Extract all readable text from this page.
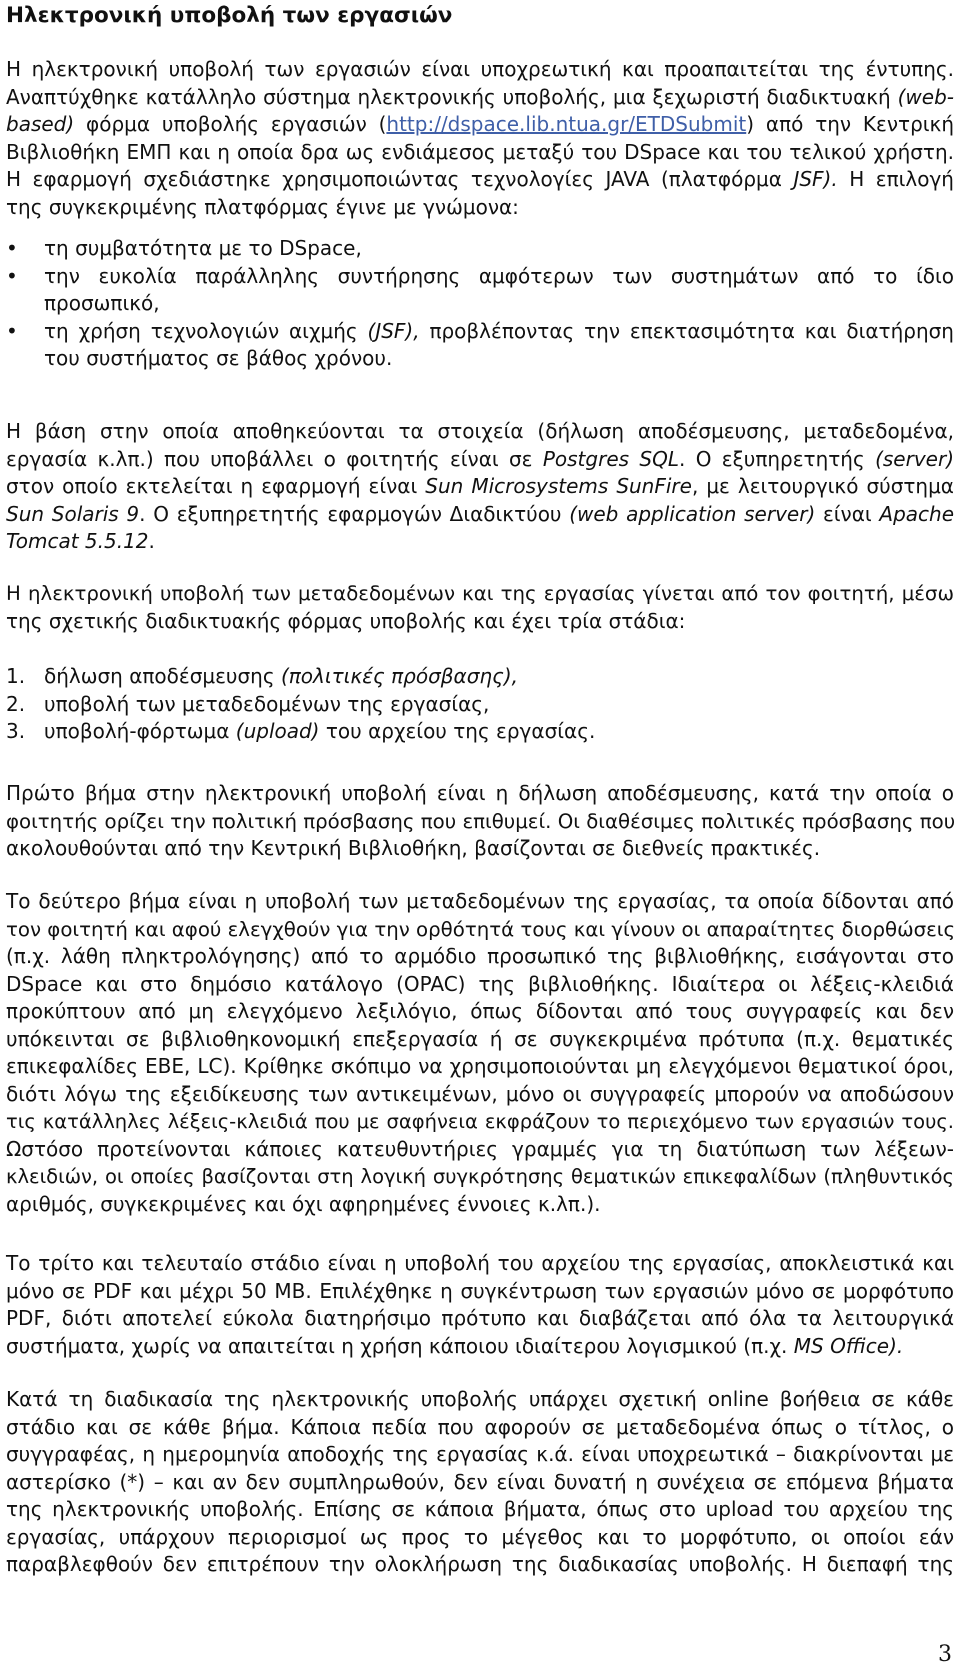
Ηλεκτρονική υποβολή των εργασιών
Η ηλεκτρονική υποβολή των εργασιών είναι υποχρεωτική και προαπαιτείται της έντυπης.
Αναπτύχθηκε κατάλληλο σύστημα ηλεκτρονικής υποβολής, μια ξεχωριστή διαδικτυακή (web-
based) φόρμα υποβολής εργασιών (http://dspace.lib.ntua.gr/ETDSubmit) από την Κεντρική
Βιβλιοθήκη ΕΜΠ και η οποία δρα ως ενδιάμεσος μεταξύ του DSpace και του τελικού χρήστη.
Η εφαρμογή σχεδιάστηκε χρησιμοποιώντας τεχνολογίες JAVA (πλατφόρμα JSF). Η επιλογή
της συγκεκριμένης πλατφόρμας έγινε με γνώμονα:
• τη συμβατότητα με το DSpace,
• την ευκολία παράλληλης συντήρησης αμφότερων των συστημάτων από το ίδιο
προσωπικό,
• τη χρήση τεχνολογιών αιχμής (JSF), προβλέποντας την επεκτασιμότητα και διατήρηση
του συστήματος σε βάθος χρόνου.
Η βάση στην οποία αποθηκεύονται τα στοιχεία (δήλωση αποδέσμευσης, μεταδεδομένα,
εργασία κ.λπ.) που υποβάλλει ο φοιτητής είναι σε Postgres SQL. Ο εξυπηρετητής (server)
στον οποίο εκτελείται η εφαρμογή είναι Sun Microsystems SunFire, με λειτουργικό σύστημα
Sun Solaris 9. Ο εξυπηρετητής εφαρμογών Διαδικτύου (web application server) είναι Apache
Tomcat 5.5.12.
Η ηλεκτρονική υποβολή των μεταδεδομένων και της εργασίας γίνεται από τον φοιτητή, μέσω
της σχετικής διαδικτυακής φόρμας υποβολής και έχει τρία στάδια:
1. δήλωση αποδέσμευσης (πολιτικές πρόσβασης),
2. υποβολή των μεταδεδομένων της εργασίας,
3. υποβολή-φόρτωμα (upload) του αρχείου της εργασίας.
Πρώτο βήμα στην ηλεκτρονική υποβολή είναι η δήλωση αποδέσμευσης, κατά την οποία ο
φοιτητής ορίζει την πολιτική πρόσβασης που επιθυμεί. Οι διαθέσιμες πολιτικές πρόσβασης που
ακολουθούνται από την Κεντρική Βιβλιοθήκη, βασίζονται σε διεθνείς πρακτικές.
Το δεύτερο βήμα είναι η υποβολή των μεταδεδομένων της εργασίας, τα οποία δίδονται από
τον φοιτητή και αφού ελεγχθούν για την ορθότητά τους και γίνουν οι απαραίτητες διορθώσεις
(π.χ. λάθη πληκτρολόγησης) από το αρμόδιο προσωπικό της βιβλιοθήκης, εισάγονται στο
DSpace και στο δημόσιο κατάλογο (OPAC) της βιβλιοθήκης. Ιδιαίτερα οι λέξεις-κλειδιά
προκύπτουν από μη ελεγχόμενο λεξιλόγιο, όπως δίδονται από τους συγγραφείς και δεν
υπόκεινται σε βιβλιοθηκονομική επεξεργασία ή σε συγκεκριμένα πρότυπα (π.χ. θεματικές
επικεφαλίδες ΕΒΕ, LC). Κρίθηκε σκόπιμο να χρησιμοποιούνται μη ελεγχόμενοι θεματικοί όροι,
διότι λόγω της εξειδίκευσης των αντικειμένων, μόνο οι συγγραφείς μπορούν να αποδώσουν
τις κατάλληλες λέξεις-κλειδιά που με σαφήνεια εκφράζουν το περιεχόμενο των εργασιών τους.
Ωστόσο προτείνονται κάποιες κατευθυντήριες γραμμές για τη διατύπωση των λέξεων-
κλειδιών, οι οποίες βασίζονται στη λογική συγκρότησης θεματικών επικεφαλίδων (πληθυντικός
αριθμός, συγκεκριμένες και όχι αφηρημένες έννοιες κ.λπ.).
Το τρίτο και τελευταίο στάδιο είναι η υποβολή του αρχείου της εργασίας, αποκλειστικά και
μόνο σε PDF και μέχρι 50 MB. Επιλέχθηκε η συγκέντρωση των εργασιών μόνο σε μορφότυπο
PDF, διότι αποτελεί εύκολα διατηρήσιμο πρότυπο και διαβάζεται από όλα τα λειτουργικά
συστήματα, χωρίς να απαιτείται η χρήση κάποιου ιδιαίτερου λογισμικού (π.χ. MS Office).
Κατά τη διαδικασία της ηλεκτρονικής υποβολής υπάρχει σχετική online βοήθεια σε κάθε
στάδιο και σε κάθε βήμα. Κάποια πεδία που αφορούν σε μεταδεδομένα όπως ο τίτλος, ο
συγγραφέας, η ημερομηνία αποδοχής της εργασίας κ.ά. είναι υποχρεωτικά – διακρίνονται με
αστερίσκο (*) – και αν δεν συμπληρωθούν, δεν είναι δυνατή η συνέχεια σε επόμενα βήματα
της ηλεκτρονικής υποβολής. Επίσης σε κάποια βήματα, όπως στο upload του αρχείου της
εργασίας, υπάρχουν περιορισμοί ως προς το μέγεθος και το μορφότυπο, οι οποίοι εάν
παραβλεφθούν δεν επιτρέπουν την ολοκλήρωση της διαδικασίας υποβολής. Η διεπαφή της
3
